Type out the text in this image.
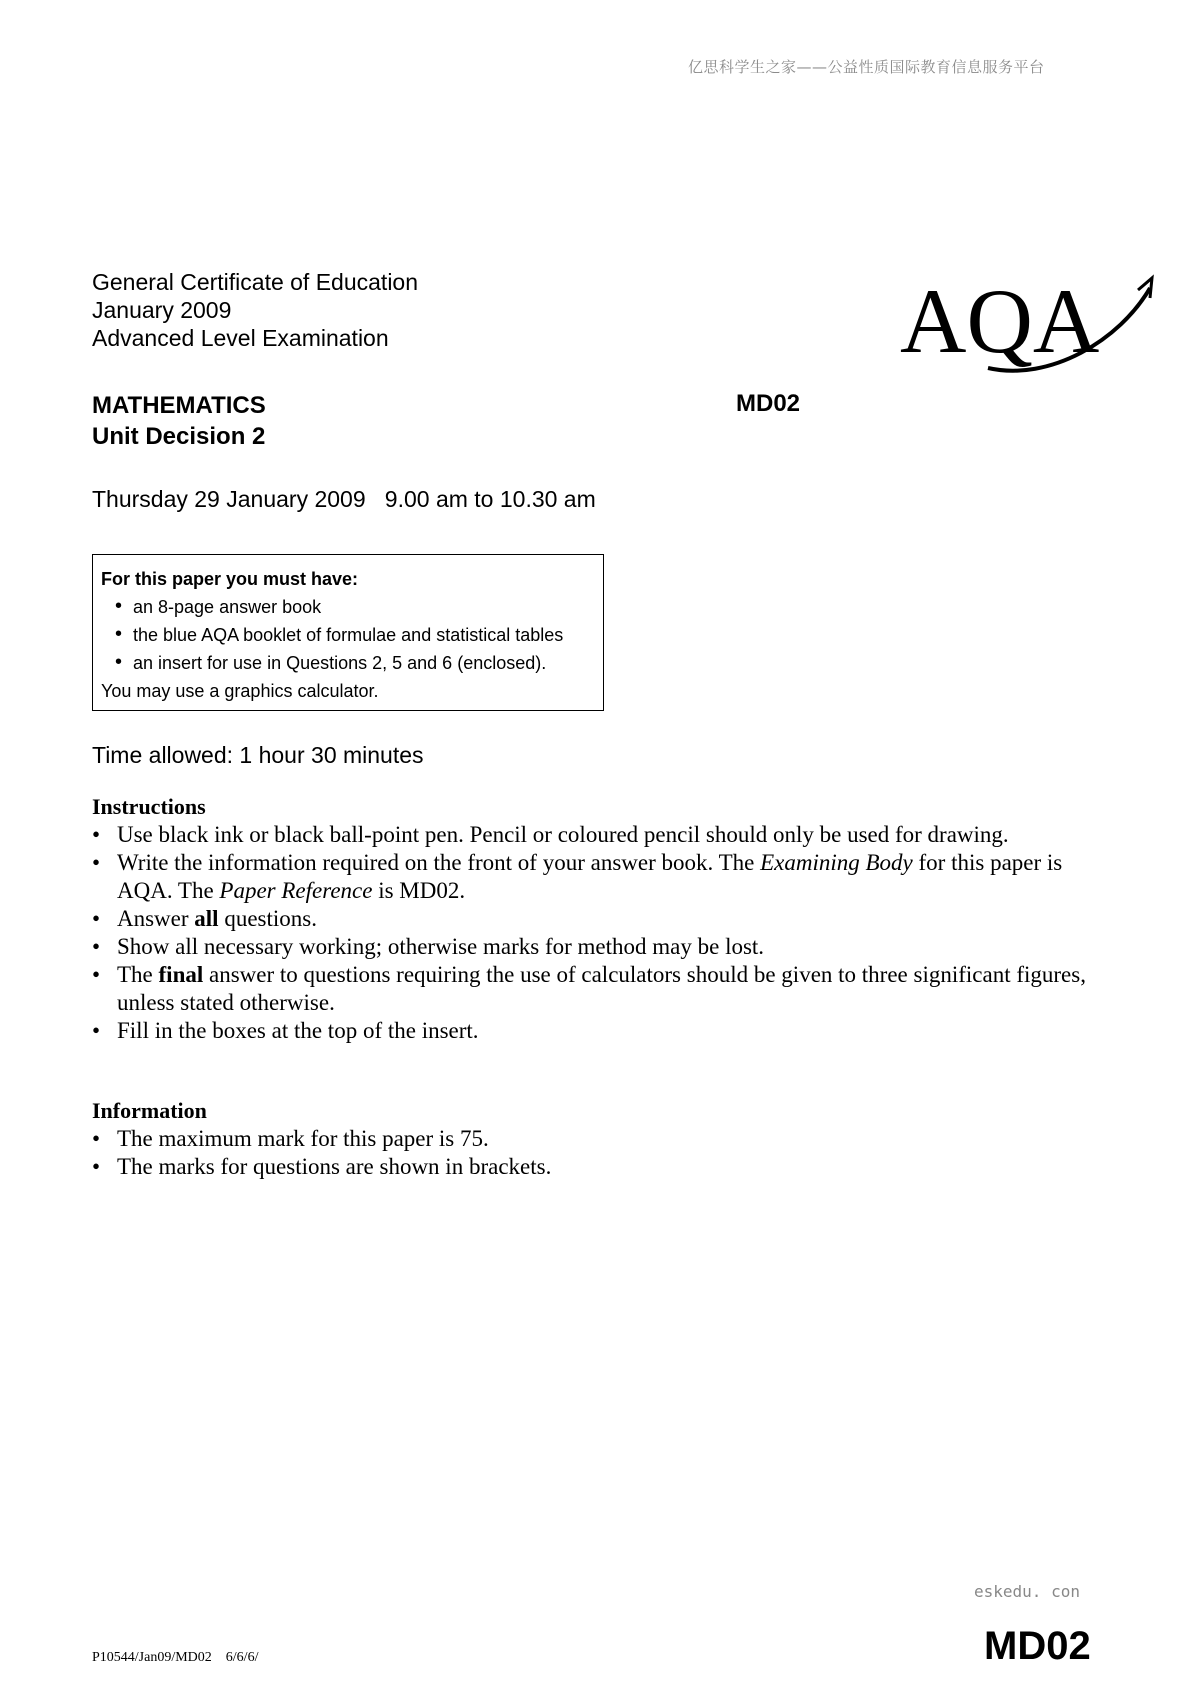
亿思科学生之家——公益性质国际教育信息服务平台
General Certificate of Education
January 2009
Advanced Level Examination	AQA
MATHEMATICS
Unit Decision 2
MD02
Thursday 29 January 2009   9.00 am to 10.30 am
For this paper you must have:
• an 8-page answer book
• the blue AQA booklet of formulae and statistical tables
• an insert for use in Questions 2, 5 and 6 (enclosed).
You may use a graphics calculator.
Time allowed: 1 hour 30 minutes
Instructions
• Use black ink or black ball-point pen. Pencil or coloured pencil should only be used for drawing.
• Write the information required on the front of your answer book. The Examining Body for this paper is AQA. The Paper Reference is MD02.
• Answer all questions.
• Show all necessary working; otherwise marks for method may be lost.
• The final answer to questions requiring the use of calculators should be given to three significant figures, unless stated otherwise.
• Fill in the boxes at the top of the insert.
Information
• The maximum mark for this paper is 75.
• The marks for questions are shown in brackets.
eskedu. con
P10544/Jan09/MD02    6/6/6/	MD02
